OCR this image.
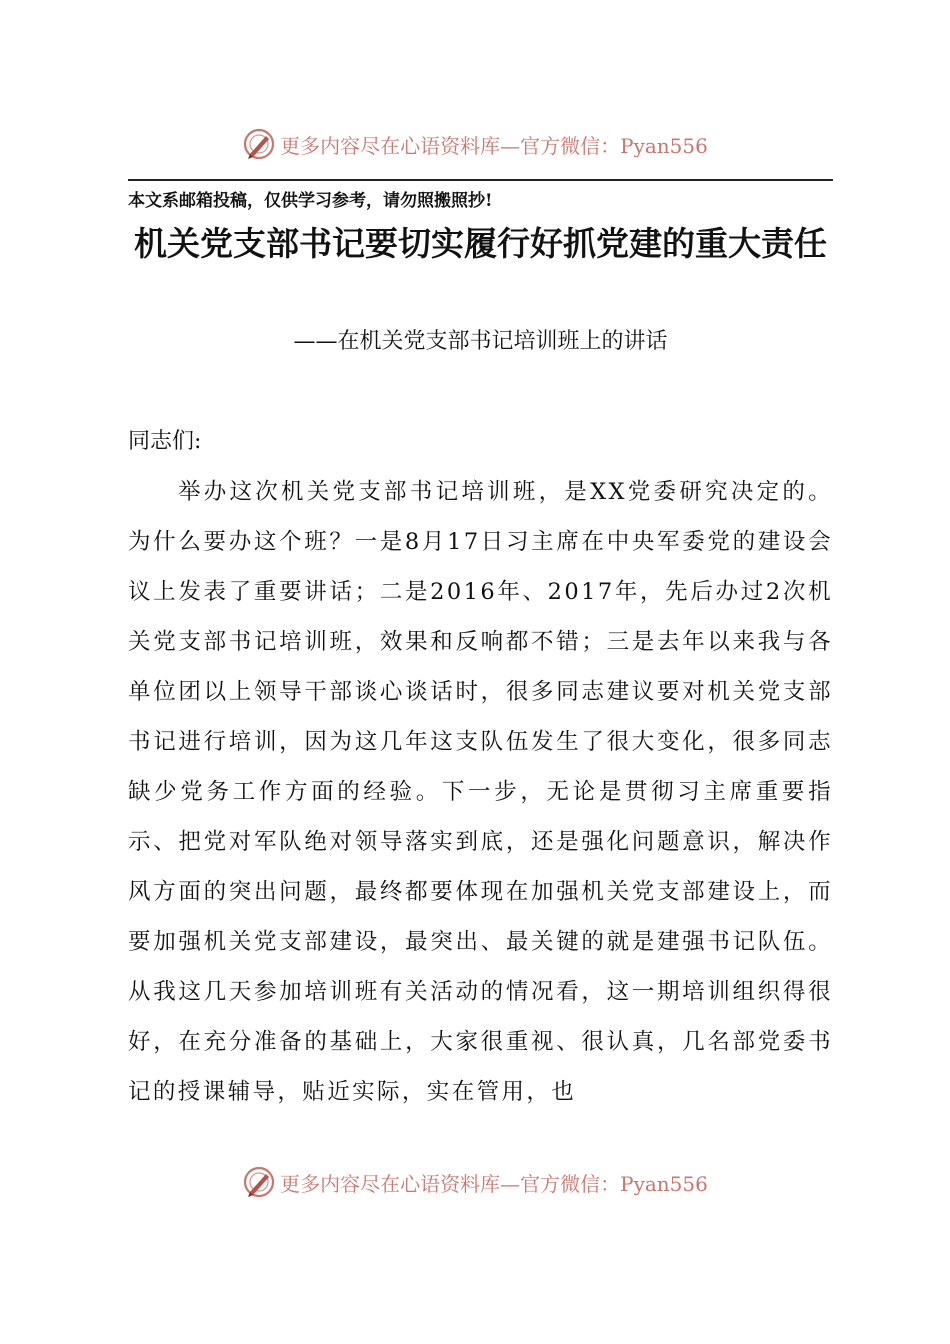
更多内容尽在心语资料库—官方微信：Pyan556
本文系邮箱投稿，仅供学习参考，请勿照搬照抄!
机关党支部书记要切实履行好抓党建的重大责任
——在机关党支部书记培训班上的讲话
同志们:

举办这次机关党支部书记培训班，是XX党委研究决定的。为什么要办这个班？一是8月17日习主席在中央军委党的建设会议上发表了重要讲话；二是2016年、2017年，先后办过2次机关党支部书记培训班，效果和反响都不错；三是去年以来我与各单位团以上领导干部谈心谈话时，很多同志建议要对机关党支部书记进行培训，因为这几年这支队伍发生了很大变化，很多同志缺少党务工作方面的经验。下一步，无论是贯彻习主席重要指示、把党对军队绝对领导落实到底，还是强化问题意识，解决作风方面的突出问题，最终都要体现在加强机关党支部建设上，而要加强机关党支部建设，最突出、最关键的就是建强书记队伍。从我这几天参加培训班有关活动的情况看，这一期培训组织得很好，在充分准备的基础上，大家很重视、很认真，几名部党委书记的授课辅导，贴近实际，实在管用，也

更多内容尽在心语资料库—官方微信：Pyan556
